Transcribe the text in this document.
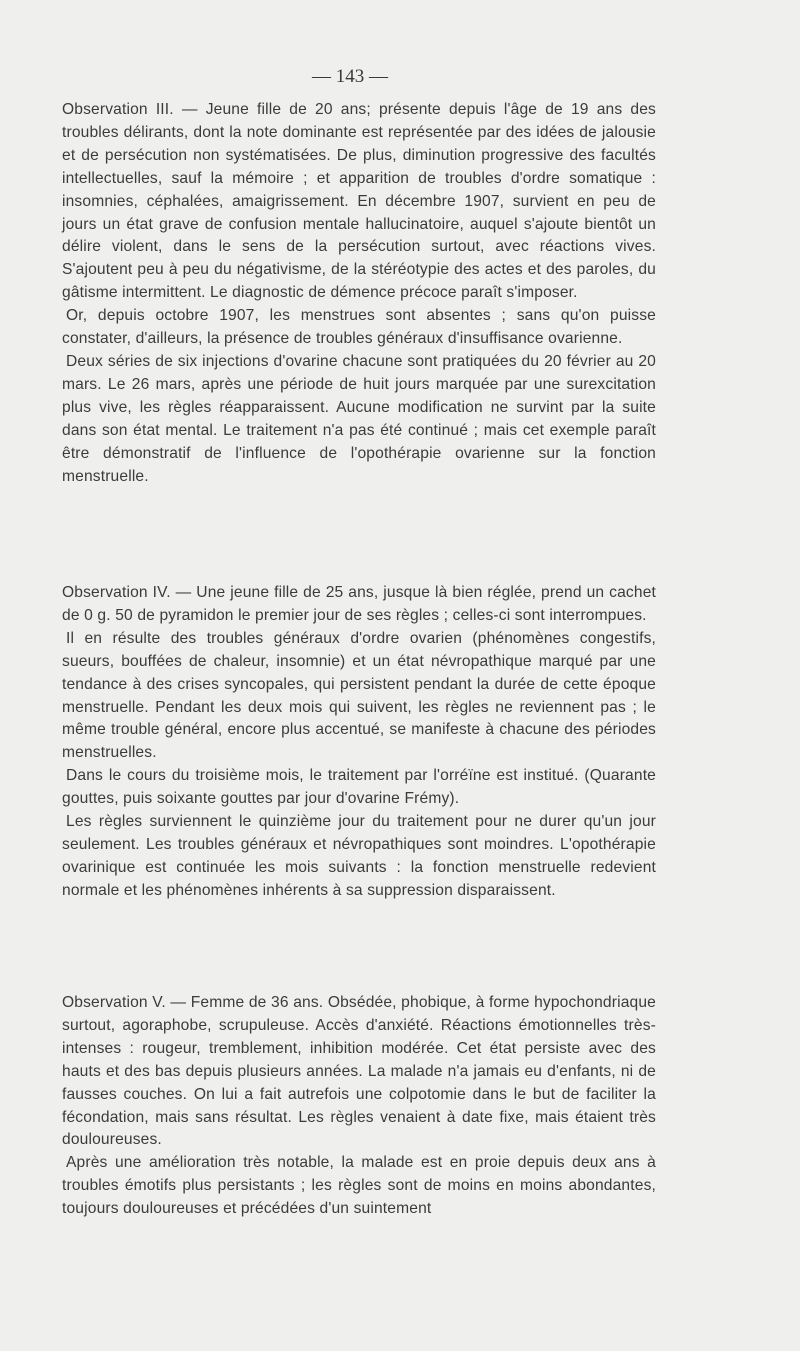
— 143 —

Observation III. — Jeune fille de 20 ans; présente depuis l'âge de 19 ans des troubles délirants, dont la note dominante est représentée par des idées de jalousie et de persécution non systématisées. De plus, diminution progressive des facultés intellectuelles, sauf la mémoire ; et apparition de troubles d'ordre somatique : insomnies, céphalées, amaigrissement. En décembre 1907, survient en peu de jours un état grave de confusion mentale hallucinatoire, auquel s'ajoute bientôt un délire violent, dans le sens de la persécution surtout, avec réactions vives. S'ajoutent peu à peu du négativisme, de la stéréotypie des actes et des paroles, du gâtisme intermittent. Le diagnostic de démence précoce paraît s'imposer.

Or, depuis octobre 1907, les menstrues sont absentes ; sans qu'on puisse constater, d'ailleurs, la présence de troubles généraux d'insuffisance ovarienne.

Deux séries de six injections d'ovarine chacune sont pratiquées du 20 février au 20 mars. Le 26 mars, après une période de huit jours marquée par une surexcitation plus vive, les règles réapparaissent. Aucune modification ne survint par la suite dans son état mental. Le traitement n'a pas été continué ; mais cet exemple paraît être démonstratif de l'influence de l'opothérapie ovarienne sur la fonction menstruelle.

Observation IV. — Une jeune fille de 25 ans, jusque là bien réglée, prend un cachet de 0 g. 50 de pyramidon le premier jour de ses règles ; celles-ci sont interrompues.

Il en résulte des troubles généraux d'ordre ovarien (phénomènes congestifs, sueurs, bouffées de chaleur, insomnie) et un état névropathique marqué par une tendance à des crises syncopales, qui persistent pendant la durée de cette époque menstruelle. Pendant les deux mois qui suivent, les règles ne reviennent pas ; le même trouble général, encore plus accentué, se manifeste à chacune des périodes menstruelles.

Dans le cours du troisième mois, le traitement par l'orréïne est institué. (Quarante gouttes, puis soixante gouttes par jour d'ovarine Frémy).

Les règles surviennent le quinzième jour du traitement pour ne durer qu'un jour seulement. Les troubles généraux et névropathiques sont moindres. L'opothérapie ovarinique est continuée les mois suivants : la fonction menstruelle redevient normale et les phénomènes inhérents à sa suppression disparaissent.

Observation V. — Femme de 36 ans. Obsédée, phobique, à forme hypochondriaque surtout, agoraphobe, scrupuleuse. Accès d'anxiété. Réactions émotionnelles très-intenses : rougeur, tremblement, inhibition modérée. Cet état persiste avec des hauts et des bas depuis plusieurs années. La malade n'a jamais eu d'enfants, ni de fausses couches. On lui a fait autrefois une colpotomie dans le but de faciliter la fécondation, mais sans résultat. Les règles venaient à date fixe, mais étaient très douloureuses.

Après une amélioration très notable, la malade est en proie depuis deux ans à troubles émotifs plus persistants ; les règles sont de moins en moins abondantes, toujours douloureuses et précédées d'un suintement
